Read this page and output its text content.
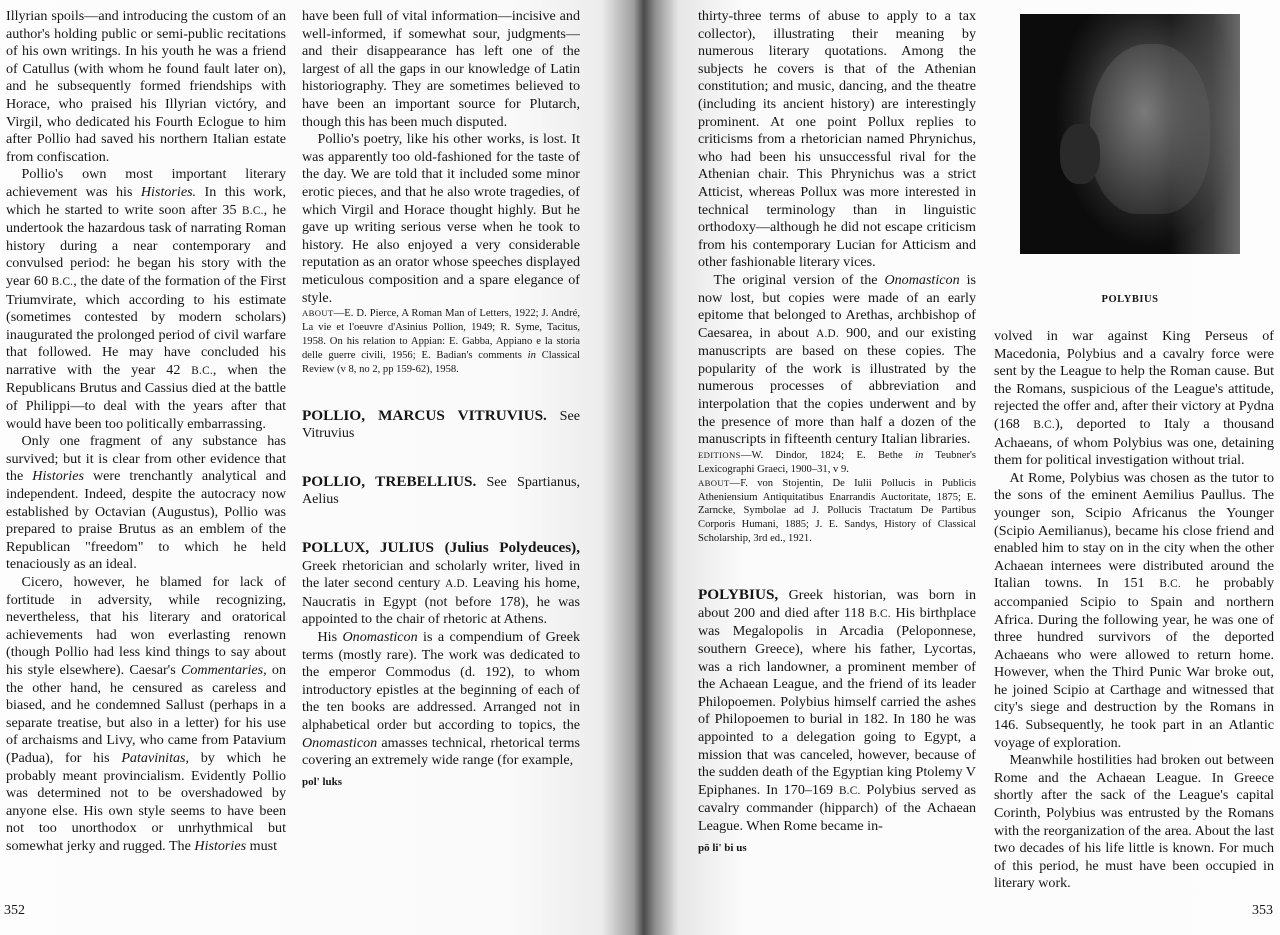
Illyrian spoils—and introducing the custom of an author's holding public or semi-public recitations of his own writings. In his youth he was a friend of Catullus (with whom he found fault later on), and he subsequently formed friendships with Horace, who praised his Illyrian victóry, and Virgil, who dedicated his Fourth Eclogue to him after Pollio had saved his northern Italian estate from confiscation.

Pollio's own most important literary achievement was his Histories. In this work, which he started to write soon after 35 B.C., he undertook the hazardous task of narrating Roman history during a near contemporary and convulsed period: he began his story with the year 60 B.C., the date of the formation of the First Triumvirate, which according to his estimate (sometimes contested by modern scholars) inaugurated the prolonged period of civil warfare that followed. He may have concluded his narrative with the year 42 B.C., when the Republicans Brutus and Cassius died at the battle of Philippi—to deal with the years after that would have been too politically embarrassing.

Only one fragment of any substance has survived; but it is clear from other evidence that the Histories were trenchantly analytical and independent. Indeed, despite the autocracy now established by Octavian (Augustus), Pollio was prepared to praise Brutus as an emblem of the Republican "freedom" to which he held tenaciously as an ideal.

Cicero, however, he blamed for lack of fortitude in adversity, while recognizing, nevertheless, that his literary and oratorical achievements had won everlasting renown (though Pollio had less kind things to say about his style elsewhere). Caesar's Commentaries, on the other hand, he censured as careless and biased, and he condemned Sallust (perhaps in a separate treatise, but also in a letter) for his use of archaisms and Livy, who came from Patavium (Padua), for his Patavinitas, by which he probably meant provincialism. Evidently Pollio was determined not to be overshadowed by anyone else. His own style seems to have been not too unorthodox or unrhythmical but somewhat jerky and rugged. The Histories must

have been full of vital information—incisive and well-informed, if somewhat sour, judgments—and their disappearance has left one of the largest of all the gaps in our knowledge of Latin historiography. They are sometimes believed to have been an important source for Plutarch, though this has been much disputed.

Pollio's poetry, like his other works, is lost. It was apparently too old-fashioned for the taste of the day. We are told that it included some minor erotic pieces, and that he also wrote tragedies, of which Virgil and Horace thought highly. But he gave up writing serious verse when he took to history. He also enjoyed a very considerable reputation as an orator whose speeches displayed meticulous composition and a spare elegance of style.

ABOUT—E. D. Pierce, A Roman Man of Letters, 1922; J. André, La vie et l'oeuvre d'Asinius Pollion, 1949; R. Syme, Tacitus, 1958. On his relation to Appian: E. Gabba, Appiano e la storia delle guerre civili, 1956; E. Badian's comments in Classical Review (v 8, no 2, pp 159-62), 1958.

POLLIO, MARCUS VITRUVIUS. See Vitruvius

POLLIO, TREBELLIUS. See Spartianus, Aelius

POLLUX, JULIUS (Julius Polydeuces), Greek rhetorician and scholarly writer, lived in the later second century A.D. Leaving his home, Naucratis in Egypt (not before 178), he was appointed to the chair of rhetoric at Athens.

His Onomasticon is a compendium of Greek terms (mostly rare). The work was dedicated to the emperor Commodus (d. 192), to whom introductory epistles at the beginning of each of the ten books are addressed. Arranged not in alphabetical order but according to topics, the Onomasticon amasses technical, rhetorical terms covering an extremely wide range (for example,

pol' luks

thirty-three terms of abuse to apply to a tax collector), illustrating their meaning by numerous literary quotations. Among the subjects he covers is that of the Athenian constitution; and music, dancing, and the theatre (including its ancient history) are interestingly prominent. At one point Pollux replies to criticisms from a rhetorician named Phrynichus, who had been his unsuccessful rival for the Athenian chair. This Phrynichus was a strict Atticist, whereas Pollux was more interested in technical terminology than in linguistic orthodoxy—although he did not escape criticism from his contemporary Lucian for Atticism and other fashionable literary vices.

The original version of the Onomasticon is now lost, but copies were made of an early epitome that belonged to Arethas, archbishop of Caesarea, in about A.D. 900, and our existing manuscripts are based on these copies. The popularity of the work is illustrated by the numerous processes of abbreviation and interpolation that the copies underwent and by the presence of more than half a dozen of the manuscripts in fifteenth century Italian libraries.

EDITIONS—W. Dindor, 1824; E. Bethe in Teubner's Lexicographi Graeci, 1900–31, v 9.
ABOUT—F. von Stojentin, De Iulii Pollucis in Publicis Atheniensium Antiquitatibus Enarrandis Auctoritate, 1875; E. Zarncke, Symbolae ad J. Pollucis Tractatum De Partibus Corporis Humani, 1885; J. E. Sandys, History of Classical Scholarship, 3rd ed., 1921.

POLYBIUS, Greek historian, was born in about 200 and died after 118 B.C. His birthplace was Megalopolis in Arcadia (Peloponnese, southern Greece), where his father, Lycortas, was a rich landowner, a prominent member of the Achaean League, and the friend of its leader Philopoemen. Polybius himself carried the ashes of Philopoemen to burial in 182. In 180 he was appointed to a delegation going to Egypt, a mission that was canceled, however, because of the sudden death of the Egyptian king Ptolemy V Epiphanes. In 170–169 B.C. Polybius served as cavalry commander (hipparch) of the Achaean League. When Rome became in-

pō li' bi us
POLYBIUS

volved in war against King Perseus of Macedonia, Polybius and a cavalry force were sent by the League to help the Roman cause. But the Romans, suspicious of the League's attitude, rejected the offer and, after their victory at Pydna (168 B.C.), deported to Italy a thousand Achaeans, of whom Polybius was one, detaining them for political investigation without trial.

At Rome, Polybius was chosen as the tutor to the sons of the eminent Aemilius Paullus. The younger son, Scipio Africanus the Younger (Scipio Aemilianus), became his close friend and enabled him to stay on in the city when the other Achaean internees were distributed around the Italian towns. In 151 B.C. he probably accompanied Scipio to Spain and northern Africa. During the following year, he was one of three hundred survivors of the deported Achaeans who were allowed to return home. However, when the Third Punic War broke out, he joined Scipio at Carthage and witnessed that city's siege and destruction by the Romans in 146. Subsequently, he took part in an Atlantic voyage of exploration.

Meanwhile hostilities had broken out between Rome and the Achaean League. In Greece shortly after the sack of the League's capital Corinth, Polybius was entrusted by the Romans with the reorganization of the area. About the last two decades of his life little is known. For much of this period, he must have been occupied in literary work.

352	353
